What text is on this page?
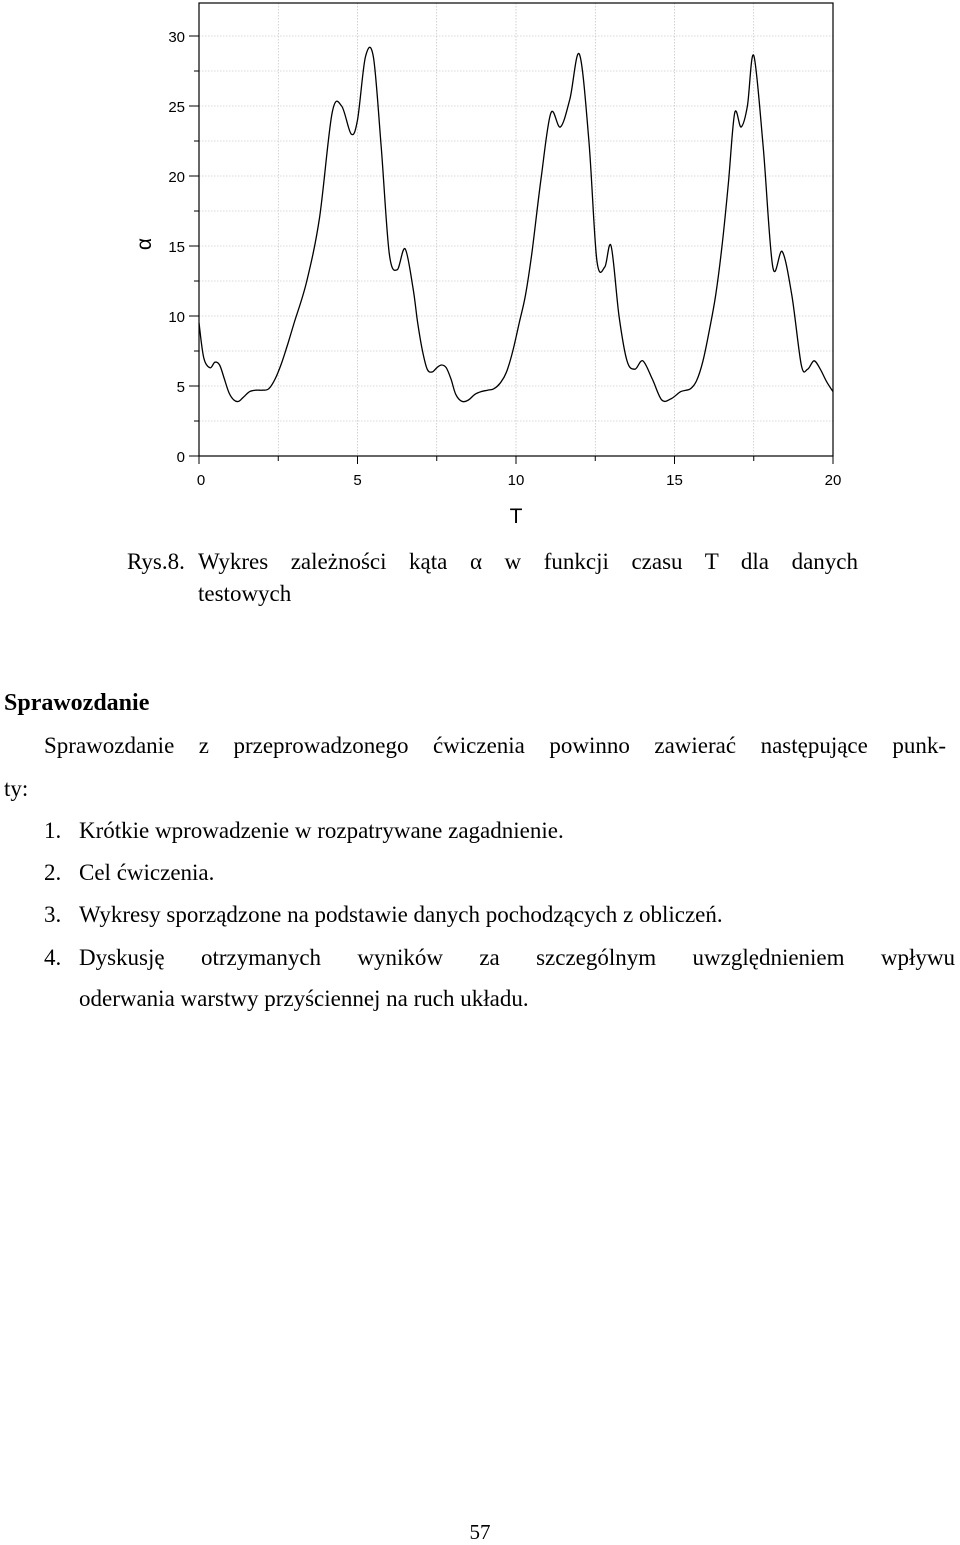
0	5	10	15	20
0
5
10
15
20
25
30
T
α
Rys.8. Wykres zależności kąta α w funkcji czasu T dla danych
testowych
Sprawozdanie
Sprawozdanie z przeprowadzonego ćwiczenia powinno zawierać następujące punk-
ty:
1. Krótkie wprowadzenie w rozpatrywane zagadnienie.
2. Cel ćwiczenia.
3. Wykresy sporządzone na podstawie danych pochodzących z obliczeń.
4. Dyskusję otrzymanych wyników za szczególnym uwzględnieniem wpływu
oderwania warstwy przyściennej na ruch układu.
57
